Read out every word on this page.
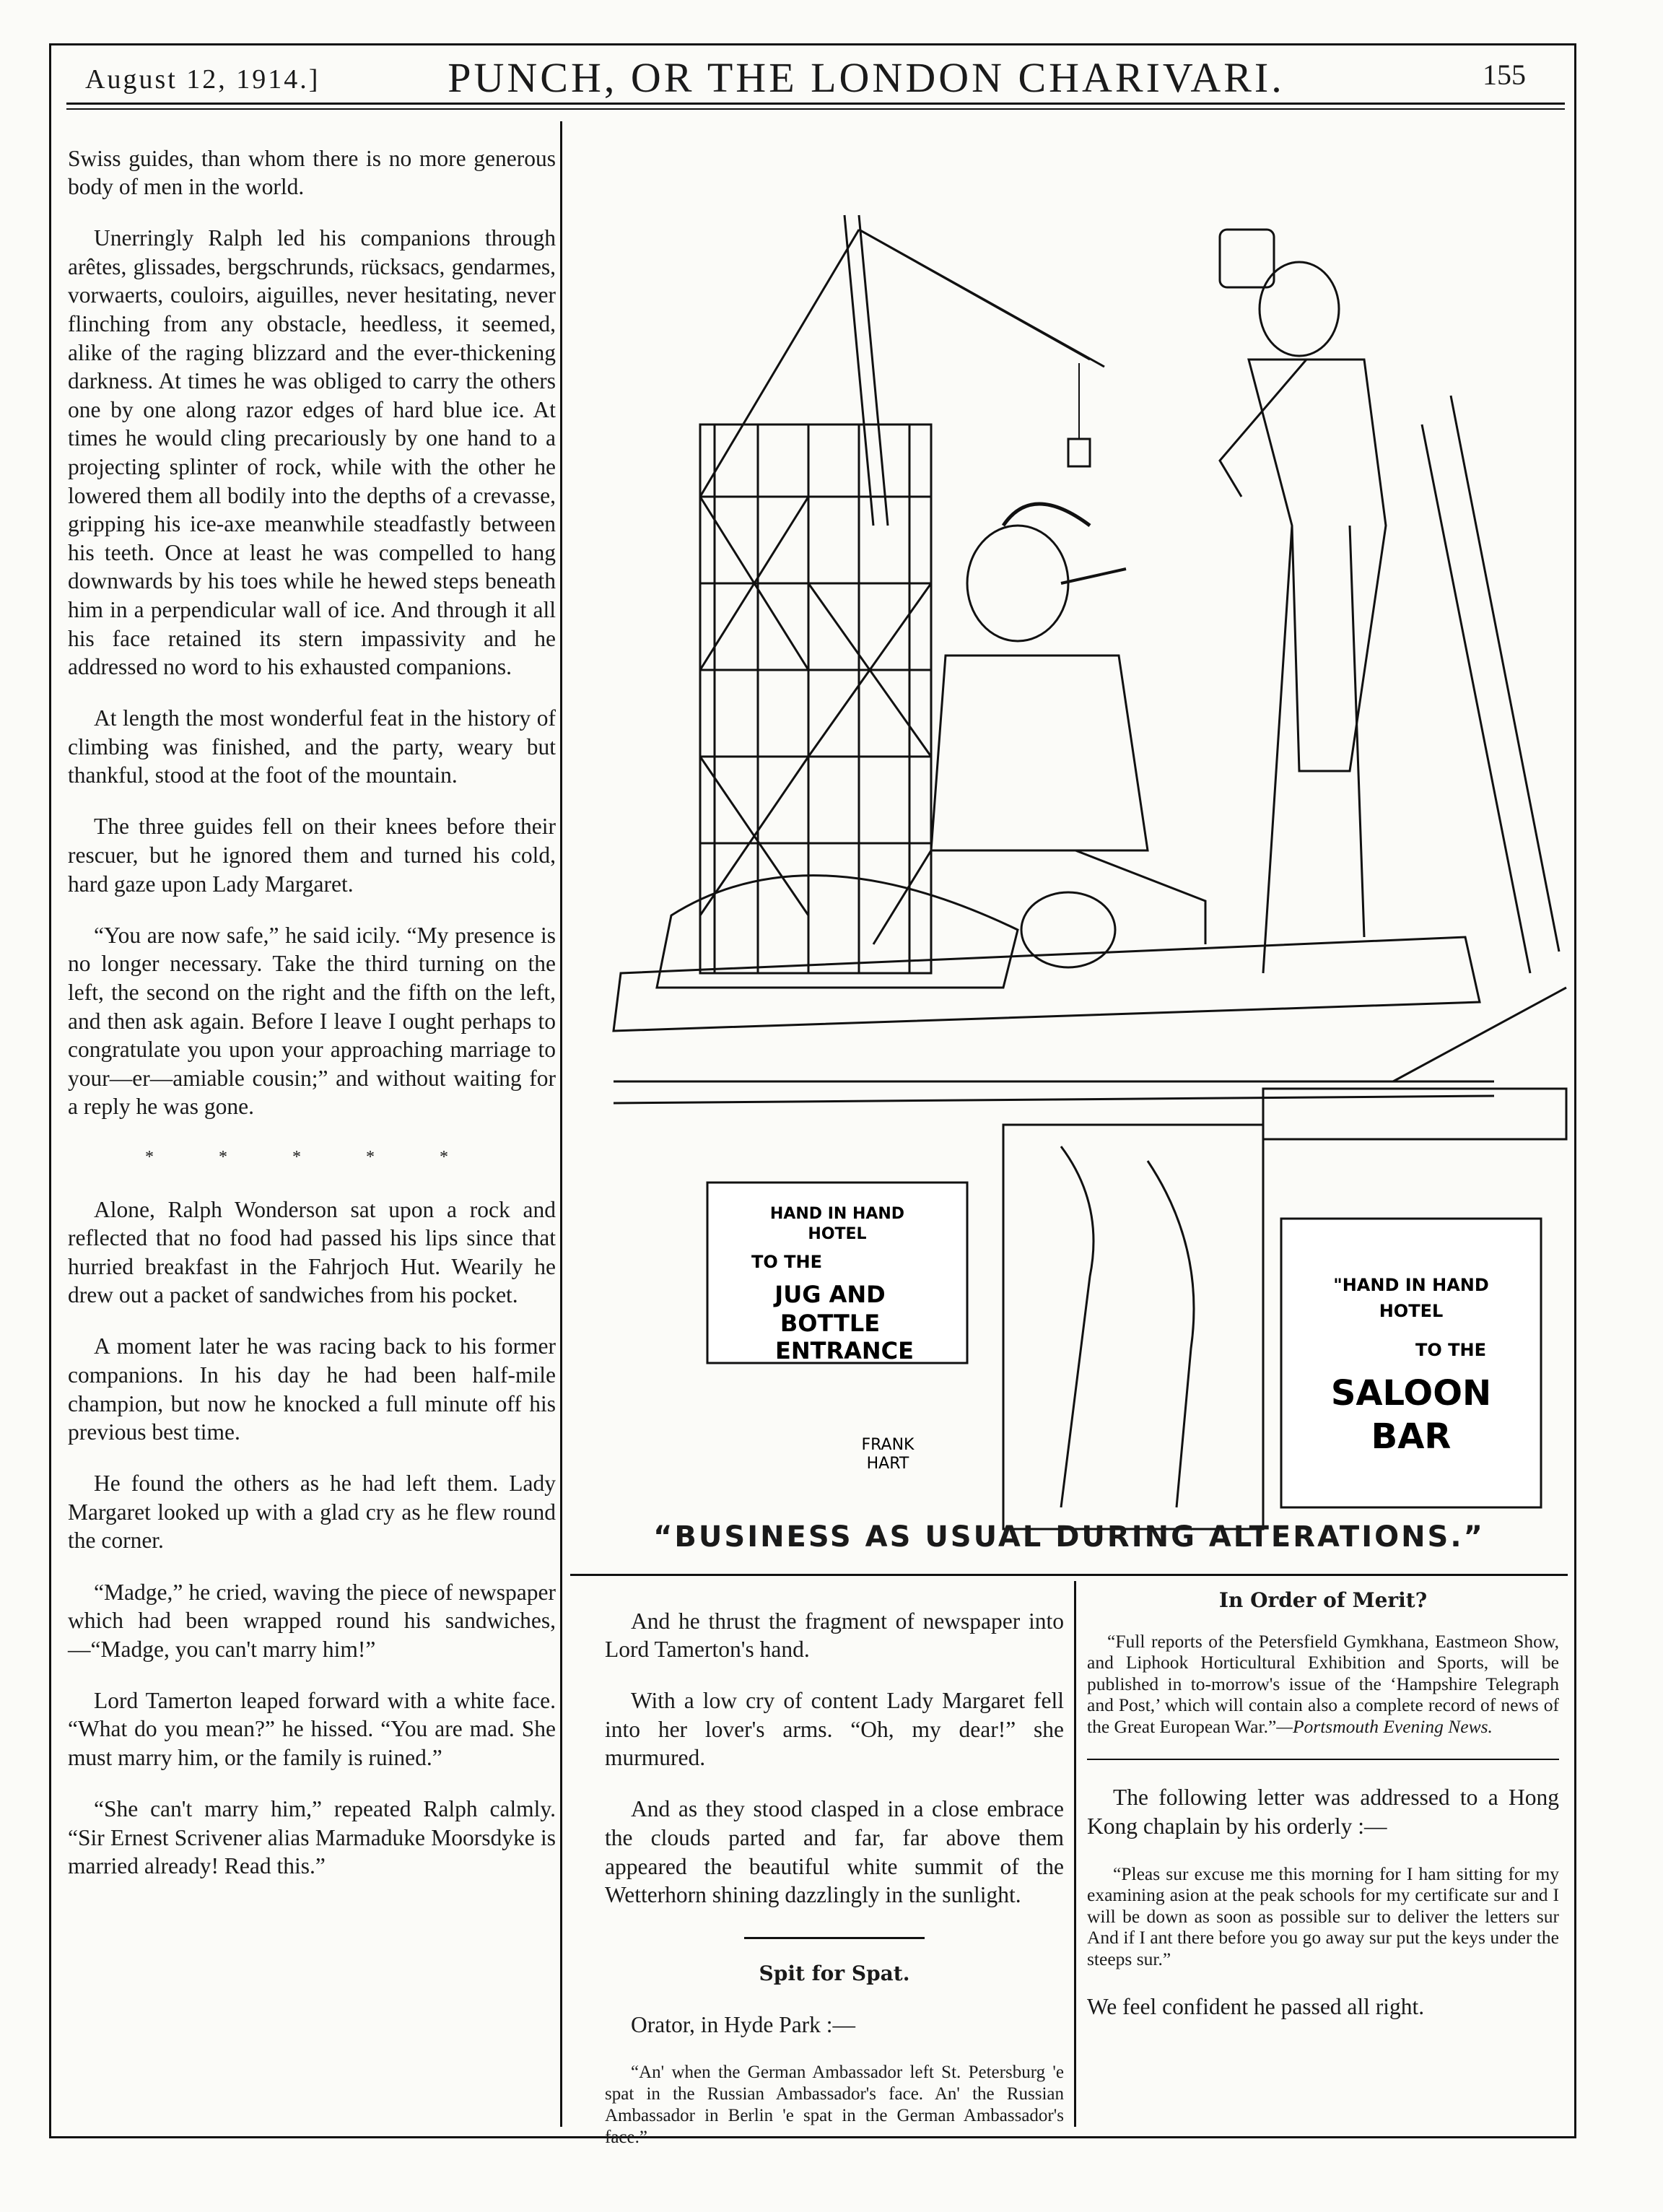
August 12, 1914.]	PUNCH, OR THE LONDON CHARIVARI.	155

Swiss guides, than whom there is no more generous body of men in the world.

Unerringly Ralph led his companions through arêtes, glissades, bergschrunds, rücksacs, gendarmes, vorwaerts, couloirs, aiguilles, never hesitating, never flinching from any obstacle, heedless, it seemed, alike of the raging blizzard and the ever-thickening darkness. At times he was obliged to carry the others one by one along razor edges of hard blue ice. At times he would cling precariously by one hand to a projecting splinter of rock, while with the other he lowered them all bodily into the depths of a crevasse, gripping his ice-axe meanwhile steadfastly between his teeth. Once at least he was compelled to hang downwards by his toes while he hewed steps beneath him in a perpendicular wall of ice. And through it all his face retained its stern impassivity and he addressed no word to his exhausted companions.

At length the most wonderful feat in the history of climbing was finished, and the party, weary but thankful, stood at the foot of the mountain.

The three guides fell on their knees before their rescuer, but he ignored them and turned his cold, hard gaze upon Lady Margaret.

“You are now safe,” he said icily. “My presence is no longer necessary. Take the third turning on the left, the second on the right and the fifth on the left, and then ask again. Before I leave I ought perhaps to congratulate you upon your approaching marriage to your—er—amiable cousin;” and without waiting for a reply he was gone.

* * * * *

Alone, Ralph Wonderson sat upon a rock and reflected that no food had passed his lips since that hurried breakfast in the Fahrjoch Hut. Wearily he drew out a packet of sandwiches from his pocket.

A moment later he was racing back to his former companions. In his day he had been half-mile champion, but now he knocked a full minute off his previous best time.

He found the others as he had left them. Lady Margaret looked up with a glad cry as he flew round the corner.

“Madge,” he cried, waving the piece of newspaper which had been wrapped round his sandwiches,—“Madge, you can't marry him!”

Lord Tamerton leaped forward with a white face. “What do you mean?” he hissed. “You are mad. She must marry him, or the family is ruined.”

“She can't marry him,” repeated Ralph calmly. “Sir Ernest Scrivener alias Marmaduke Moorsdyke is married already! Read this.”

HAND IN HAND
HOTEL
TO THE
JUG AND
BOTTLE
ENTRANCE
"HAND IN HAND
HOTEL
TO THE
SALOON
BAR
FRANK
HART
“BUSINESS AS USUAL DURING ALTERATIONS.”

And he thrust the fragment of newspaper into Lord Tamerton's hand.

With a low cry of content Lady Margaret fell into her lover's arms. “Oh, my dear!” she murmured.

And as they stood clasped in a close embrace the clouds parted and far, far above them appeared the beautiful white summit of the Wetterhorn shining dazzlingly in the sunlight.

Spit for Spat.

Orator, in Hyde Park :—

“An' when the German Ambassador left St. Petersburg 'e spat in the Russian Ambassador's face. An' the Russian Ambassador in Berlin 'e spat in the German Ambassador's face.”

In Order of Merit?

“Full reports of the Petersfield Gymkhana, Eastmeon Show, and Liphook Horticultural Exhibition and Sports, will be published in to-morrow's issue of the ‘Hampshire Telegraph and Post,’ which will contain also a complete record of news of the Great European War.”—Portsmouth Evening News.

The following letter was addressed to a Hong Kong chaplain by his orderly :—

“Pleas sur excuse me this morning for I ham sitting for my examining asion at the peak schools for my certificate sur and I will be down as soon as possible sur to deliver the letters sur And if I ant there before you go away sur put the keys under the steeps sur.”

We feel confident he passed all right.
